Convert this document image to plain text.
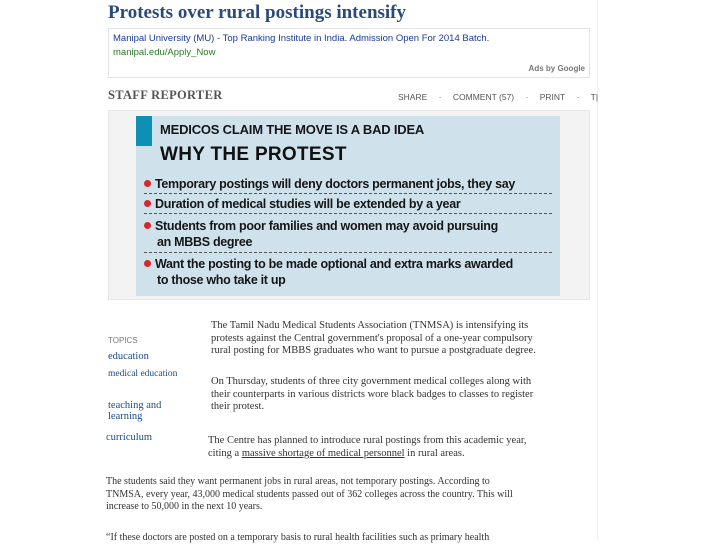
Protests over rural postings intensify
Manipal University (MU) - Top Ranking Institute in India. Admission Open For 2014 Batch.
manipal.edu/Apply_Now
Ads by Google
STAFF REPORTER	SHARE · COMMENT (57) · PRINT · T|
MEDICOS CLAIM THE MOVE IS A BAD IDEA
WHY THE PROTEST
Temporary postings will deny doctors permanent jobs, they say
Duration of medical studies will be extended by a year
Students from poor families and women may avoid pursuing
an MBBS degree
Want the posting to be made optional and extra marks awarded
to those who take it up
TOPICS
education
medical education
teaching and
learning
curriculum
The Tamil Nadu Medical Students Association (TNMSA) is intensifying its
protests against the Central government's proposal of a one-year compulsory
rural posting for MBBS graduates who want to pursue a postgraduate degree.
On Thursday, students of three city government medical colleges along with
their counterparts in various districts wore black badges to classes to register
their protest.
The Centre has planned to introduce rural postings from this academic year,
citing a massive shortage of medical personnel in rural areas.
The students said they want permanent jobs in rural areas, not temporary postings. According to
TNMSA, every year, 43,000 medical students passed out of 362 colleges across the country. This will
increase to 50,000 in the next 10 years.
“If these doctors are posted on a temporary basis to rural health facilities such as primary health
